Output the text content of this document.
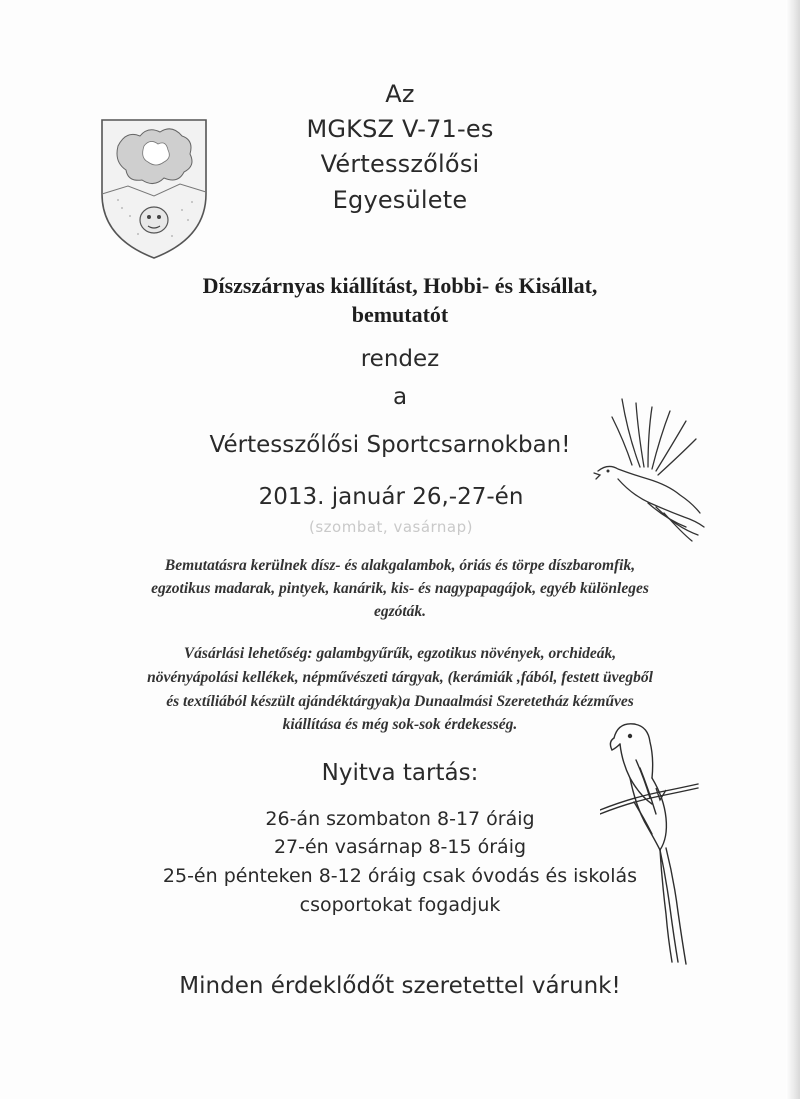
Az
MGKSZ V-71-es
Vértesszőlősi
Egyesülete
Díszszárnyas kiállítást, Hobbi- és Kisállat,
bemutatót
rendez
a
Vértesszőlősi Sportcsarnokban!
2013. január 26,-27-én
(szombat, vasárnap)
Bemutatásra kerülnek dísz- és alakgalambok, óriás és törpe díszbaromfik,
egzotikus madarak, pintyek, kanárik, kis- és nagypapagájok, egyéb különleges
egzóták.
Vásárlási lehetőség: galambgyűrűk, egzotikus növények, orchideák,
növényápolási kellékek, népművészeti tárgyak, (kerámiák ,fából, festett üvegből
és textíliából készült ajándéktárgyak)a Dunaalmási Szeretetház kézműves
kiállítása és még sok-sok érdekesség.
Nyitva tartás:
26-án szombaton 8-17 óráig
27-én vasárnap 8-15 óráig
25-én pénteken 8-12 óráig csak óvodás és iskolás
csoportokat fogadjuk
Minden érdeklődőt szeretettel várunk!
